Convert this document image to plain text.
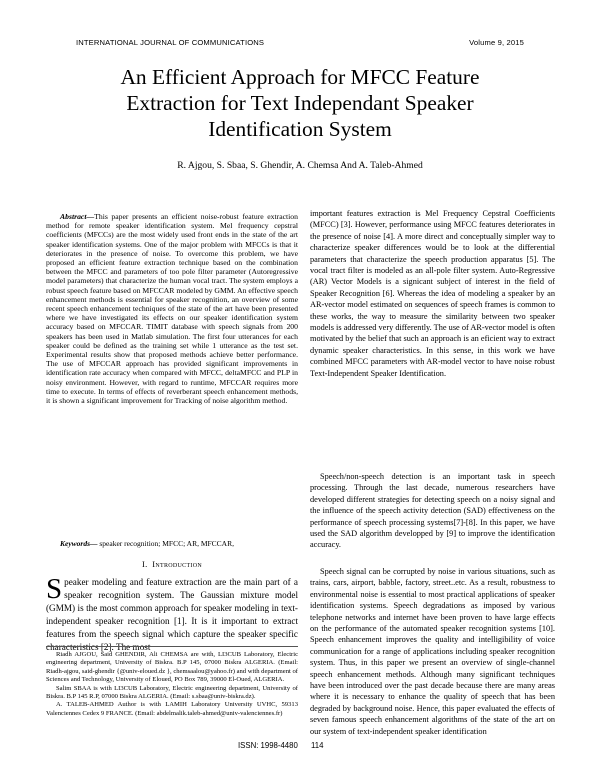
INTERNATIONAL JOURNAL OF COMMUNICATIONS	Volume 9, 2015
An Efficient Approach for MFCC Feature
Extraction for Text Independant Speaker
Identification System
R. Ajgou, S. Sbaa, S. Ghendir, A. Chemsa And A. Taleb-Ahmed

Abstract—This paper presents an efficient noise-robust feature extraction method for remote speaker identification system. Mel frequency cepstral coefficients (MFCCs) are the most widely used front ends in the state of the art speaker identification systems. One of the major problem with MFCCs is that it deteriorates in the presence of noise. To overcome this problem, we have proposed an efficient feature extraction technique based on the combination between the MFCC and parameters of too pole filter parameter (Autoregressive model parameters) that characterize the human vocal tract. The system employs a robust speech feature based on MFCCAR modeled by GMM. An effective speech enhancement methods is essential for speaker recognition, an overview of some recent speech enhancement techniques of the state of the art have been presented where we have investigated its effects on our speaker identification system accuracy based on MFCCAR. TIMIT database with speech signals from 200 speakers has been used in Matlab simulation. The first four utterances for each speaker could be defined as the training set while 1 utterance as the test set. Experimental results show that proposed methods achieve better performance. The use of MFCCAR approach has provided significant improvements in identification rate accuracy when compared with MFCC, deltaMFCC and PLP in noisy environment. However, with regard to runtime, MFCCAR requires more time to execute. In terms of effects of reverberant speech enhancement methods, it is shown a significant improvement for Tracking of noise algorithm method.

Keywords— speaker recognition; MFCC; AR, MFCCAR,

I. Introduction

Speaker modeling and feature extraction are the main part of a speaker recognition system. The Gaussian mixture model (GMM) is the most common approach for speaker modeling in text-independent speaker recognition [1]. It is it important to extract features from the speech signal which capture the speaker specific characteristics [2]. The most

Riadh AJGOU, Said GHENDIR, Ali CHEMSA are with, LI3CUB Laboratory, Electric engineering department, University of Biskra. B.P 145, 07000 Biskra ALGERIA. (Email: Riadh-ajgou, said-ghendir {@univ-eloued.dz }, chemsaalou@yahoo.fr) and with department of Sciences and Technology, University of Eloued, PO Box 789, 39000 El-Oued, ALGERIA.

Salim SBAA is with LI3CUB Laboratory, Electric engineering department, University of Biskra. B.P 145 R.P, 07000 Biskra ALGERIA. (Email: s.sbaa@univ-biskra.dz).

A. TALEB-AHMED Author is with LAMIH Laboratory University UVHC, 59313 Valenciennes Cedex 9 FRANCE. (Email: abdelmalik.taleb-ahmed@univ-valenciennes.fr)

important features extraction is Mel Frequency Cepstral Coefficients (MFCC) [3]. However, performance using MFCC features deteriorates in the presence of noise [4]. A more direct and conceptually simpler way to characterize speaker differences would be to look at the differential parameters that characterize the speech production apparatus [5]. The vocal tract filter is modeled as an all-pole filter system. Auto-Regressive (AR) Vector Models is a signicant subject of interest in the field of Speaker Recognition [6]. Whereas the idea of modeling a speaker by an AR-vector model estimated on sequences of speech frames is common to these works, the way to measure the similarity between two speaker models is addressed very differently. The use of AR-vector model is often motivated by the belief that such an approach is an eficient way to extract dynamic speaker characteristics. In this sense, in this work we have combined MFCC parameters with AR-model vector to have noise robust Text-Independent Speaker Identification.

Speech/non-speech detection is an important task in speech processing. Through the last decade, numerous researchers have developed different strategies for detecting speech on a noisy signal and the influence of the speech activity detection (SAD) effectiveness on the performance of speech processing systems[7]-[8]. In this paper, we have used the SAD algorithm developped by [9] to improve the identification accuracy.

Speech signal can be corrupted by noise in various situations, such as trains, cars, airport, babble, factory, street..etc. As a result, robustness to environmental noise is essential to most practical applications of speaker identification systems. Speech degradations as imposed by various telephone networks and internet have been proven to have large effects on the performance of the automated speaker recognition systems [10]. Speech enhancement improves the quality and intelligibility of voice communication for a range of applications including speaker recognition system. Thus, in this paper we present an overview of single-channel speech enhancement methods. Although many significant techniques have been introduced over the past decade because there are many areas where it is necessary to enhance the quality of speech that has been degraded by background noise. Hence, this paper evaluated the effects of seven famous speech enhancement algorithms of the state of the art on our system of text-independent speaker identification

ISSN: 1998-4480 114
